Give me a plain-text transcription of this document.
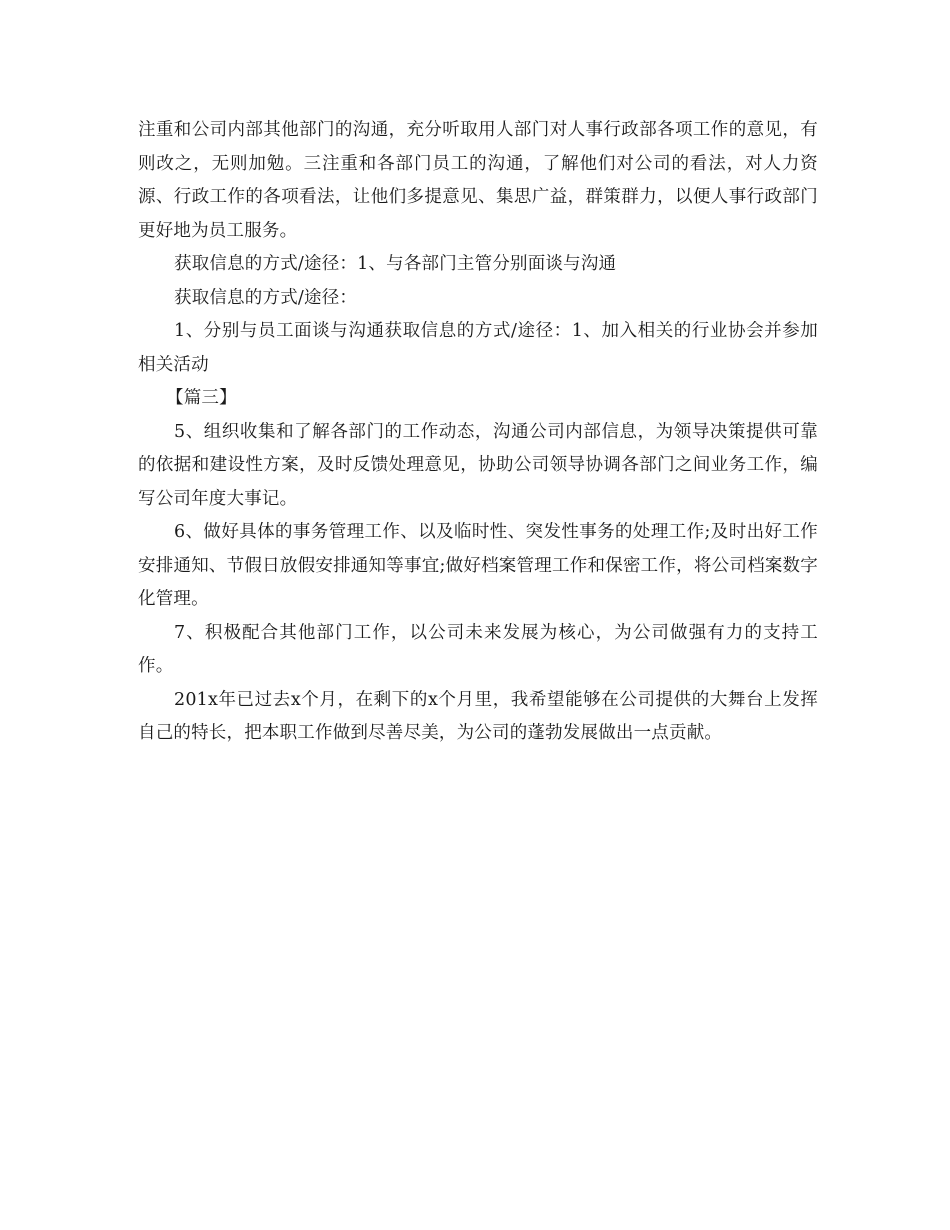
注重和公司内部其他部门的沟通，充分听取用人部门对人事行政部各项工作的意见，有则改之，无则加勉。三注重和各部门员工的沟通，了解他们对公司的看法，对人力资源、行政工作的各项看法，让他们多提意见、集思广益，群策群力，以便人事行政部门更好地为员工服务。

获取信息的方式/途径：1、与各部门主管分别面谈与沟通

获取信息的方式/途径：

1、分别与员工面谈与沟通获取信息的方式/途径：1、加入相关的行业协会并参加相关活动

【篇三】

5、组织收集和了解各部门的工作动态，沟通公司内部信息，为领导决策提供可靠的依据和建设性方案，及时反馈处理意见，协助公司领导协调各部门之间业务工作，编写公司年度大事记。

6、做好具体的事务管理工作、以及临时性、突发性事务的处理工作;及时出好工作安排通知、节假日放假安排通知等事宜;做好档案管理工作和保密工作，将公司档案数字化管理。

7、积极配合其他部门工作，以公司未来发展为核心，为公司做强有力的支持工作。

201x年已过去x个月，在剩下的x个月里，我希望能够在公司提供的大舞台上发挥自己的特长，把本职工作做到尽善尽美，为公司的蓬勃发展做出一点贡献。
